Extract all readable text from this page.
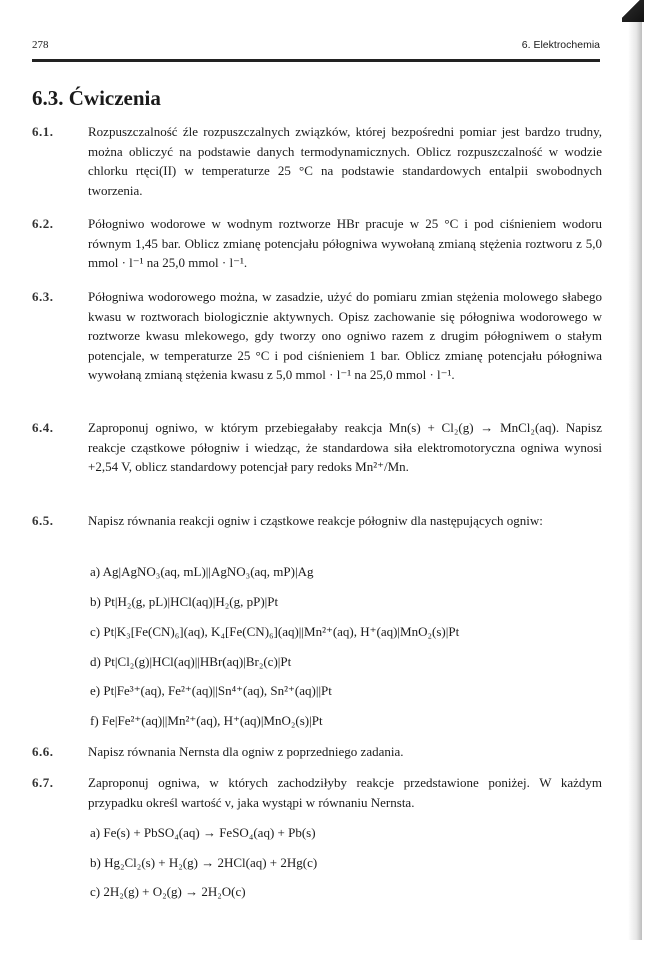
278	6. Elektrochemia
6.3. Ćwiczenia
6.1.	Rozpuszczalność źle rozpuszczalnych związków, której bezpośredni pomiar jest bardzo trudny, można obliczyć na podstawie danych termodynamicznych. Oblicz rozpuszczalność w wodzie chlorku rtęci(II) w temperaturze 25 °C na podstawie standardowych entalpii swobodnych tworzenia.
6.2.	Półogniwo wodorowe w wodnym roztworze HBr pracuje w 25 °C i pod ciśnieniem wodoru równym 1,45 bar. Oblicz zmianę potencjału półogniwa wywołaną zmianą stężenia roztworu z 5,0 mmol · l⁻¹ na 25,0 mmol · l⁻¹.
6.3.	Półogniwa wodorowego można, w zasadzie, użyć do pomiaru zmian stężenia molowego słabego kwasu w roztworach biologicznie aktywnych. Opisz zachowanie się półogniwa wodorowego w roztworze kwasu mlekowego, gdy tworzy ono ogniwo razem z drugim półogniwem o stałym potencjale, w temperaturze 25 °C i pod ciśnieniem 1 bar. Oblicz zmianę potencjału półogniwa wywołaną zmianą stężenia kwasu z 5,0 mmol · l⁻¹ na 25,0 mmol · l⁻¹.
6.4.	Zaproponuj ogniwo, w którym przebiegałaby reakcja Mn(s) + Cl₂(g) → MnCl₂(aq). Napisz reakcje cząstkowe półogniw i wiedząc, że standardowa siła elektromotoryczna ogniwa wynosi +2,54 V, oblicz standardowy potencjał pary redoks Mn²⁺/Mn.
6.5.	Napisz równania reakcji ogniw i cząstkowe reakcje półogniw dla następujących ogniw:
a) Ag|AgNO₃(aq, mL)||AgNO₃(aq, mP)|Ag
b) Pt|H₂(g, pL)|HCl(aq)|H₂(g, pP)|Pt
c) Pt|K₃[Fe(CN)₆](aq), K₄[Fe(CN)₆](aq)||Mn²⁺(aq), H⁺(aq)|MnO₂(s)|Pt
d) Pt|Cl₂(g)|HCl(aq)||HBr(aq)|Br₂(c)|Pt
e) Pt|Fe³⁺(aq), Fe²⁺(aq)||Sn⁴⁺(aq), Sn²⁺(aq)||Pt
f) Fe|Fe²⁺(aq)||Mn²⁺(aq), H⁺(aq)|MnO₂(s)|Pt
6.6.	Napisz równania Nernsta dla ogniw z poprzedniego zadania.
6.7.	Zaproponuj ogniwa, w których zachodziłyby reakcje przedstawione poniżej. W każdym przypadku określ wartość ν, jaka wystąpi w równaniu Nernsta.
a) Fe(s) + PbSO₄(aq) → FeSO₄(aq) + Pb(s)
b) Hg₂Cl₂(s) + H₂(g) → 2HCl(aq) + 2Hg(c)
c) 2H₂(g) + O₂(g) → 2H₂O(c)
